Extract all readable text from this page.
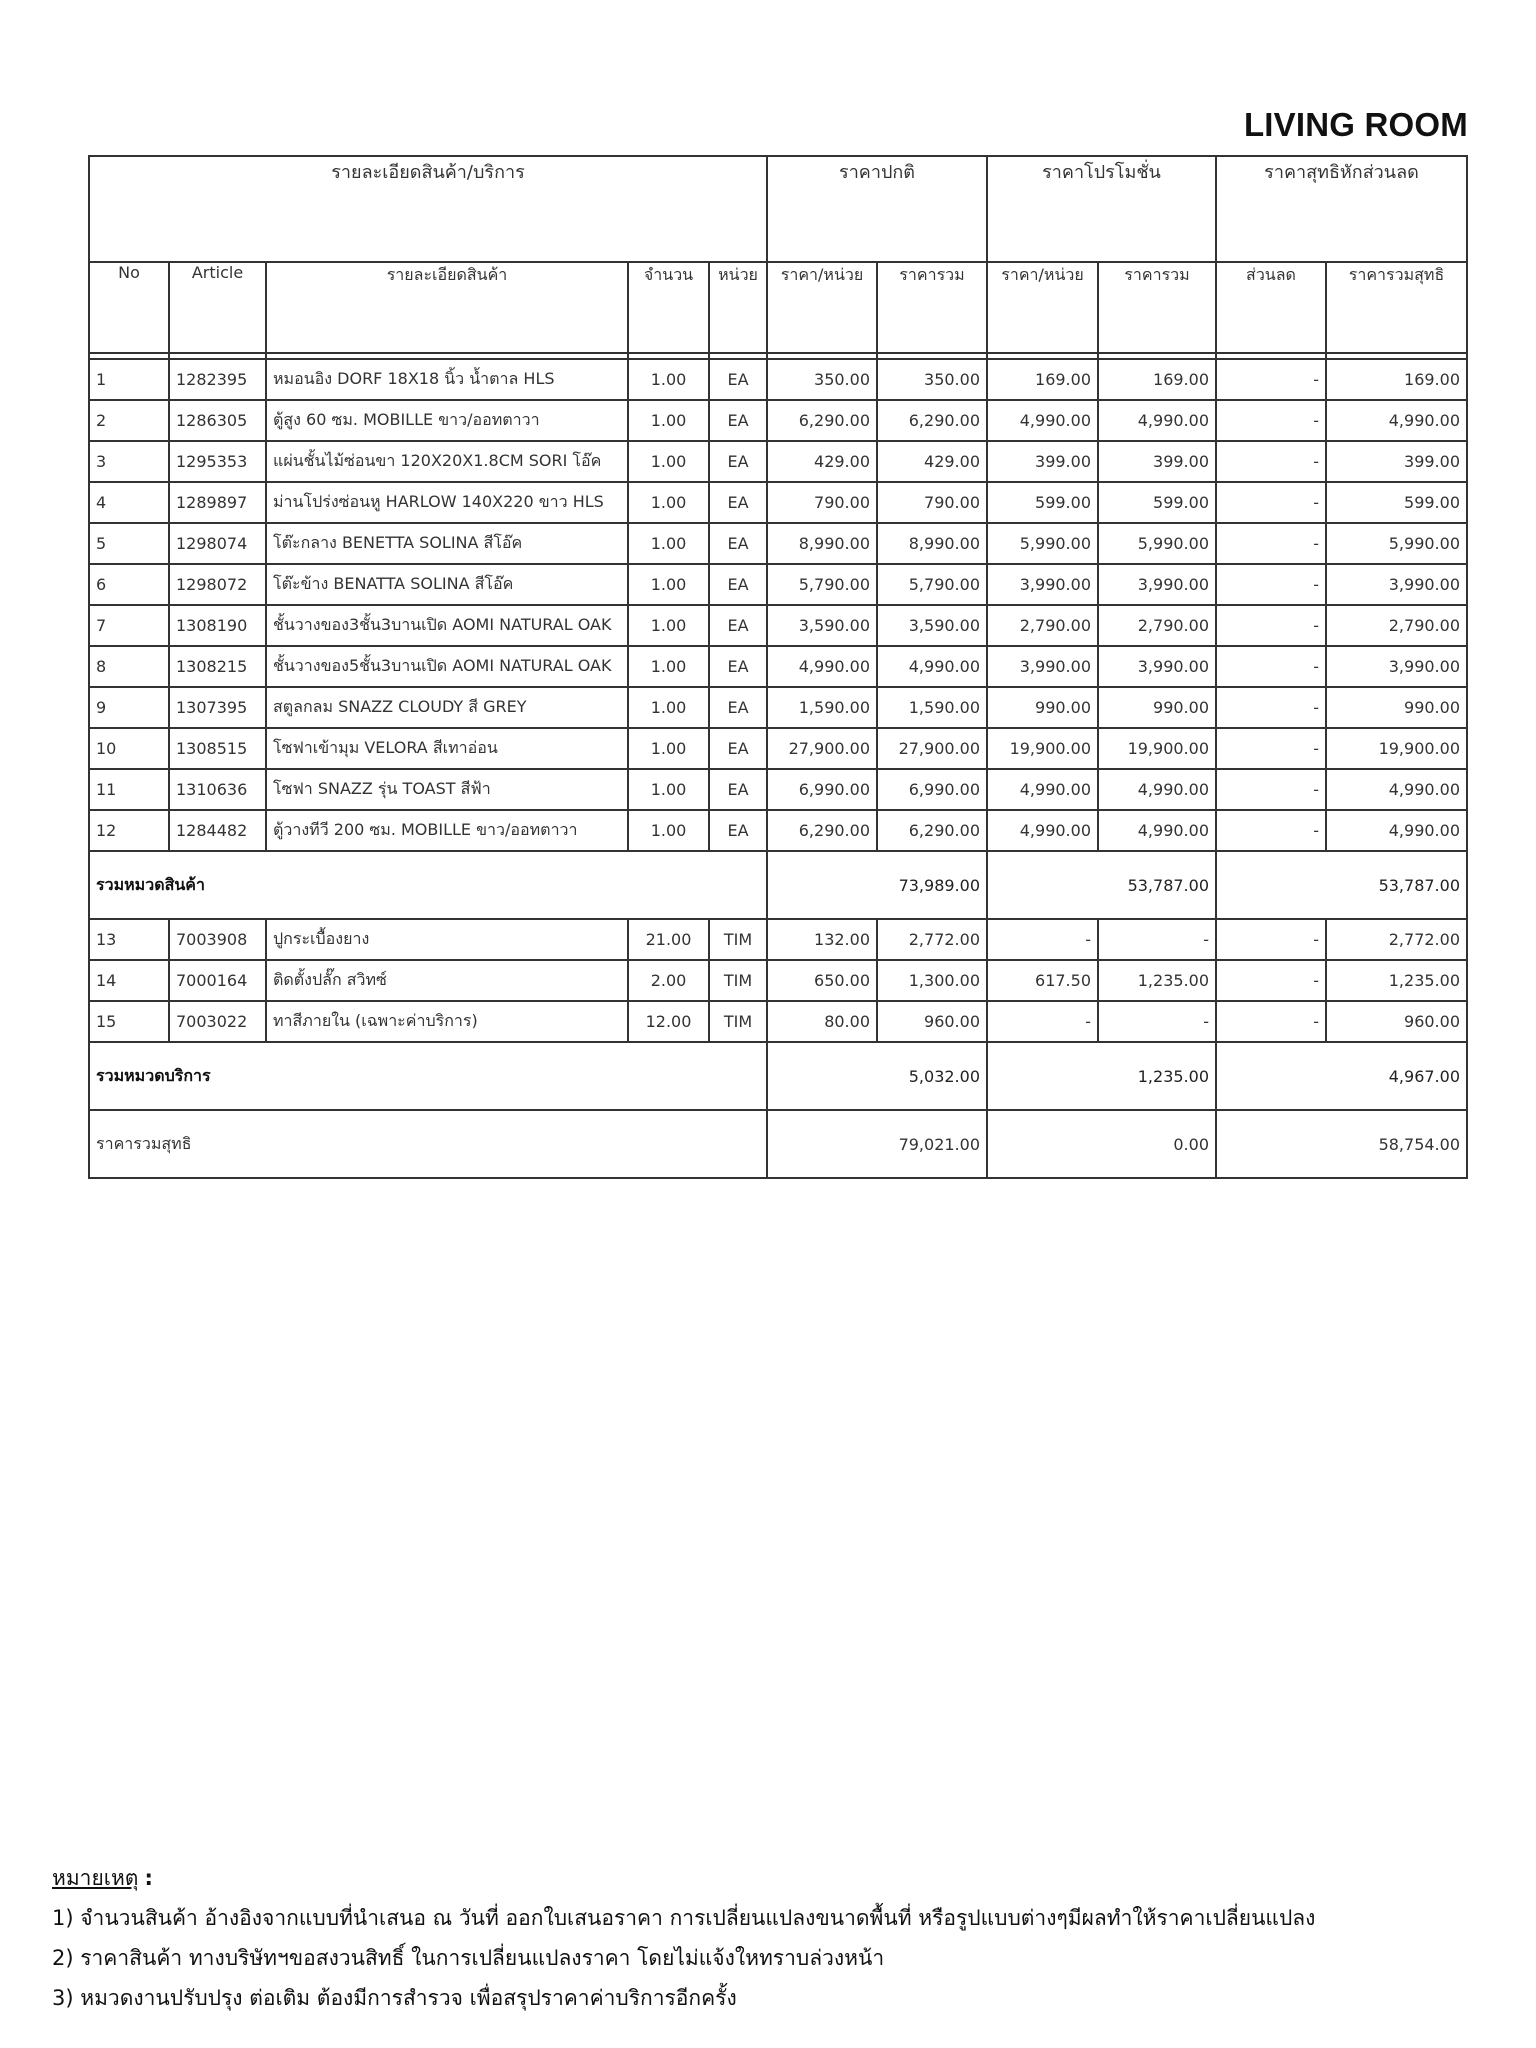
LIVING ROOM
รายละเอียดสินค้า/บริการ					ราคาปกติ		ราคาโปรโมชั่น		ราคาสุทธิหักส่วนลด	
No	Article	รายละเอียดสินค้า	จำนวน	หน่วย	ราคา/หน่วย	ราคารวม	ราคา/หน่วย	ราคารวม	ส่วนลด	ราคารวมสุทธิ

1	1282395	หมอนอิง DORF 18X18 นิ้ว น้ำตาล HLS	1.00	EA	350.00	350.00	169.00	169.00	-	169.00
2	1286305	ตู้สูง 60 ซม. MOBILLE ขาว/ออทตาวา	1.00	EA	6,290.00	6,290.00	4,990.00	4,990.00	-	4,990.00
3	1295353	แผ่นชั้นไม้ซ่อนขา 120X20X1.8CM SORI โอ๊ค	1.00	EA	429.00	429.00	399.00	399.00	-	399.00
4	1289897	ม่านโปร่งซ่อนหู HARLOW 140X220 ขาว HLS	1.00	EA	790.00	790.00	599.00	599.00	-	599.00
5	1298074	โต๊ะกลาง BENETTA SOLINA สีโอ๊ค	1.00	EA	8,990.00	8,990.00	5,990.00	5,990.00	-	5,990.00
6	1298072	โต๊ะข้าง BENATTA SOLINA สีโอ๊ค	1.00	EA	5,790.00	5,790.00	3,990.00	3,990.00	-	3,990.00
7	1308190	ชั้นวางของ3ชั้น3บานเปิด AOMI NATURAL OAK	1.00	EA	3,590.00	3,590.00	2,790.00	2,790.00	-	2,790.00
8	1308215	ชั้นวางของ5ชั้น3บานเปิด AOMI NATURAL OAK	1.00	EA	4,990.00	4,990.00	3,990.00	3,990.00	-	3,990.00
9	1307395	สตูลกลม SNAZZ CLOUDY สี GREY	1.00	EA	1,590.00	1,590.00	990.00	990.00	-	990.00
10	1308515	โซฟาเข้ามุม VELORA สีเทาอ่อน	1.00	EA	27,900.00	27,900.00	19,900.00	19,900.00	-	19,900.00
11	1310636	โซฟา SNAZZ รุ่น TOAST สีฟ้า	1.00	EA	6,990.00	6,990.00	4,990.00	4,990.00	-	4,990.00
12	1284482	ตู้วางทีวี 200 ซม. MOBILLE ขาว/ออทตาวา	1.00	EA	6,290.00	6,290.00	4,990.00	4,990.00	-	4,990.00
รวมหมวดสินค้า					73,989.00		53,787.00		53,787.00	
13	7003908	ปูกระเบื้องยาง	21.00	TIM	132.00	2,772.00	-	-	-	2,772.00
14	7000164	ติดตั้งปลั๊ก สวิทซ์	2.00	TIM	650.00	1,300.00	617.50	1,235.00	-	1,235.00
15	7003022	ทาสีภายใน (เฉพาะค่าบริการ)	12.00	TIM	80.00	960.00	-	-	-	960.00
รวมหมวดบริการ					5,032.00		1,235.00		4,967.00	
ราคารวมสุทธิ					79,021.00		0.00		58,754.00	
หมายเหตุ :
1) จำนวนสินค้า อ้างอิงจากแบบที่นำเสนอ ณ วันที่ ออกใบเสนอราคา การเปลี่ยนแปลงขนาดพื้นที่ หรือรูปแบบต่างๆมีผลทำให้ราคาเปลี่ยนแปลง
2) ราคาสินค้า ทางบริษัทฯขอสงวนสิทธิ์ ในการเปลี่ยนแปลงราคา โดยไม่แจ้งใหทราบล่วงหน้า
3) หมวดงานปรับปรุง ต่อเติม ต้องมีการสำรวจ เพื่อสรุปราคาค่าบริการอีกครั้ง
